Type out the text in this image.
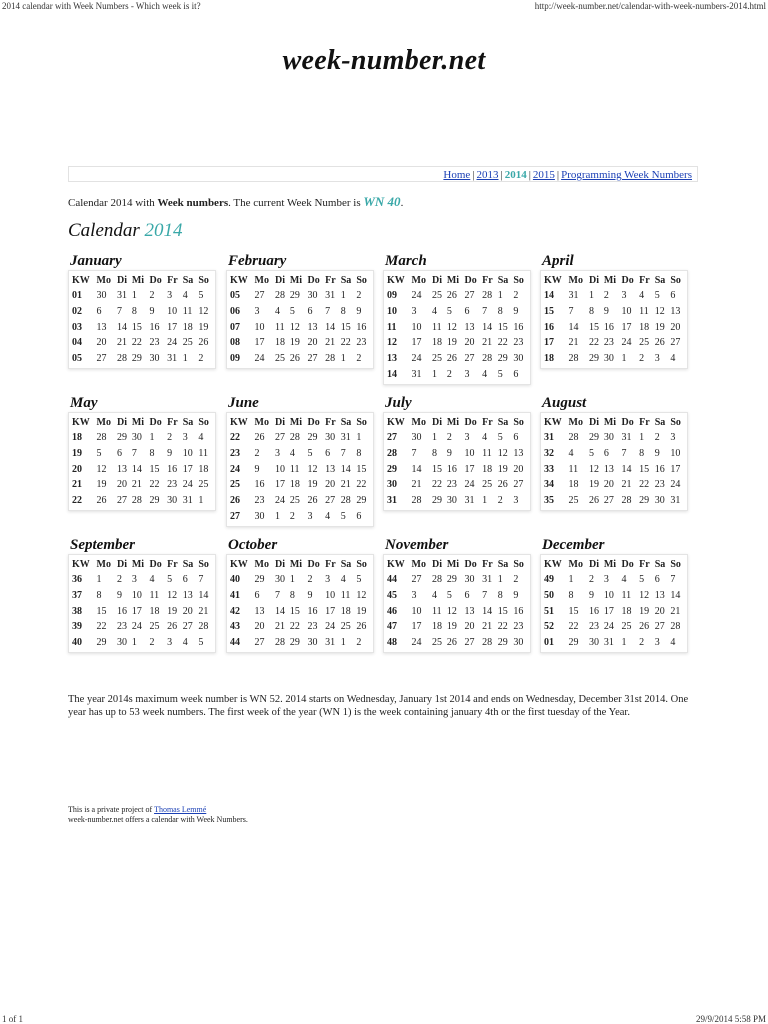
2014 calendar with Week Numbers - Which week is it?	http://week-number.net/calendar-with-week-numbers-2014.html
week-number.net
Home | 2013 | 2014 | 2015 | Programming Week Numbers
Calendar 2014 with Week numbers. The current Week Number is WN 40.
Calendar 2014
January
KW	Mo	Di	Mi	Do	Fr	Sa	So
01	30	31	1	2	3	4	5
02	6	7	8	9	10	11	12
03	13	14	15	16	17	18	19
04	20	21	22	23	24	25	26
05	27	28	29	30	31	1	2
February
KW	Mo	Di	Mi	Do	Fr	Sa	So
05	27	28	29	30	31	1	2
06	3	4	5	6	7	8	9
07	10	11	12	13	14	15	16
08	17	18	19	20	21	22	23
09	24	25	26	27	28	1	2
March
KW	Mo	Di	Mi	Do	Fr	Sa	So
09	24	25	26	27	28	1	2
10	3	4	5	6	7	8	9
11	10	11	12	13	14	15	16
12	17	18	19	20	21	22	23
13	24	25	26	27	28	29	30
14	31	1	2	3	4	5	6
April
KW	Mo	Di	Mi	Do	Fr	Sa	So
14	31	1	2	3	4	5	6
15	7	8	9	10	11	12	13
16	14	15	16	17	18	19	20
17	21	22	23	24	25	26	27
18	28	29	30	1	2	3	4
May
KW	Mo	Di	Mi	Do	Fr	Sa	So
18	28	29	30	1	2	3	4
19	5	6	7	8	9	10	11
20	12	13	14	15	16	17	18
21	19	20	21	22	23	24	25
22	26	27	28	29	30	31	1
June
KW	Mo	Di	Mi	Do	Fr	Sa	So
22	26	27	28	29	30	31	1
23	2	3	4	5	6	7	8
24	9	10	11	12	13	14	15
25	16	17	18	19	20	21	22
26	23	24	25	26	27	28	29
27	30	1	2	3	4	5	6
July
KW	Mo	Di	Mi	Do	Fr	Sa	So
27	30	1	2	3	4	5	6
28	7	8	9	10	11	12	13
29	14	15	16	17	18	19	20
30	21	22	23	24	25	26	27
31	28	29	30	31	1	2	3
August
KW	Mo	Di	Mi	Do	Fr	Sa	So
31	28	29	30	31	1	2	3
32	4	5	6	7	8	9	10
33	11	12	13	14	15	16	17
34	18	19	20	21	22	23	24
35	25	26	27	28	29	30	31
September
KW	Mo	Di	Mi	Do	Fr	Sa	So
36	1	2	3	4	5	6	7
37	8	9	10	11	12	13	14
38	15	16	17	18	19	20	21
39	22	23	24	25	26	27	28
40	29	30	1	2	3	4	5
October
KW	Mo	Di	Mi	Do	Fr	Sa	So
40	29	30	1	2	3	4	5
41	6	7	8	9	10	11	12
42	13	14	15	16	17	18	19
43	20	21	22	23	24	25	26
44	27	28	29	30	31	1	2
November
KW	Mo	Di	Mi	Do	Fr	Sa	So
44	27	28	29	30	31	1	2
45	3	4	5	6	7	8	9
46	10	11	12	13	14	15	16
47	17	18	19	20	21	22	23
48	24	25	26	27	28	29	30
December
KW	Mo	Di	Mi	Do	Fr	Sa	So
49	1	2	3	4	5	6	7
50	8	9	10	11	12	13	14
51	15	16	17	18	19	20	21
52	22	23	24	25	26	27	28
01	29	30	31	1	2	3	4
The year 2014s maximum week number is WN 52. 2014 starts on Wednesday, January 1st 2014 and ends on Wednesday, December 31st 2014. One year has up to 53 week numbers. The first week of the year (WN 1) is the week containing january 4th or the first tuesday of the Year.
This is a private project of Thomas Lemmé
week-number.net offers a calendar with Week Numbers.
1 of 1	29/9/2014 5:58 PM
